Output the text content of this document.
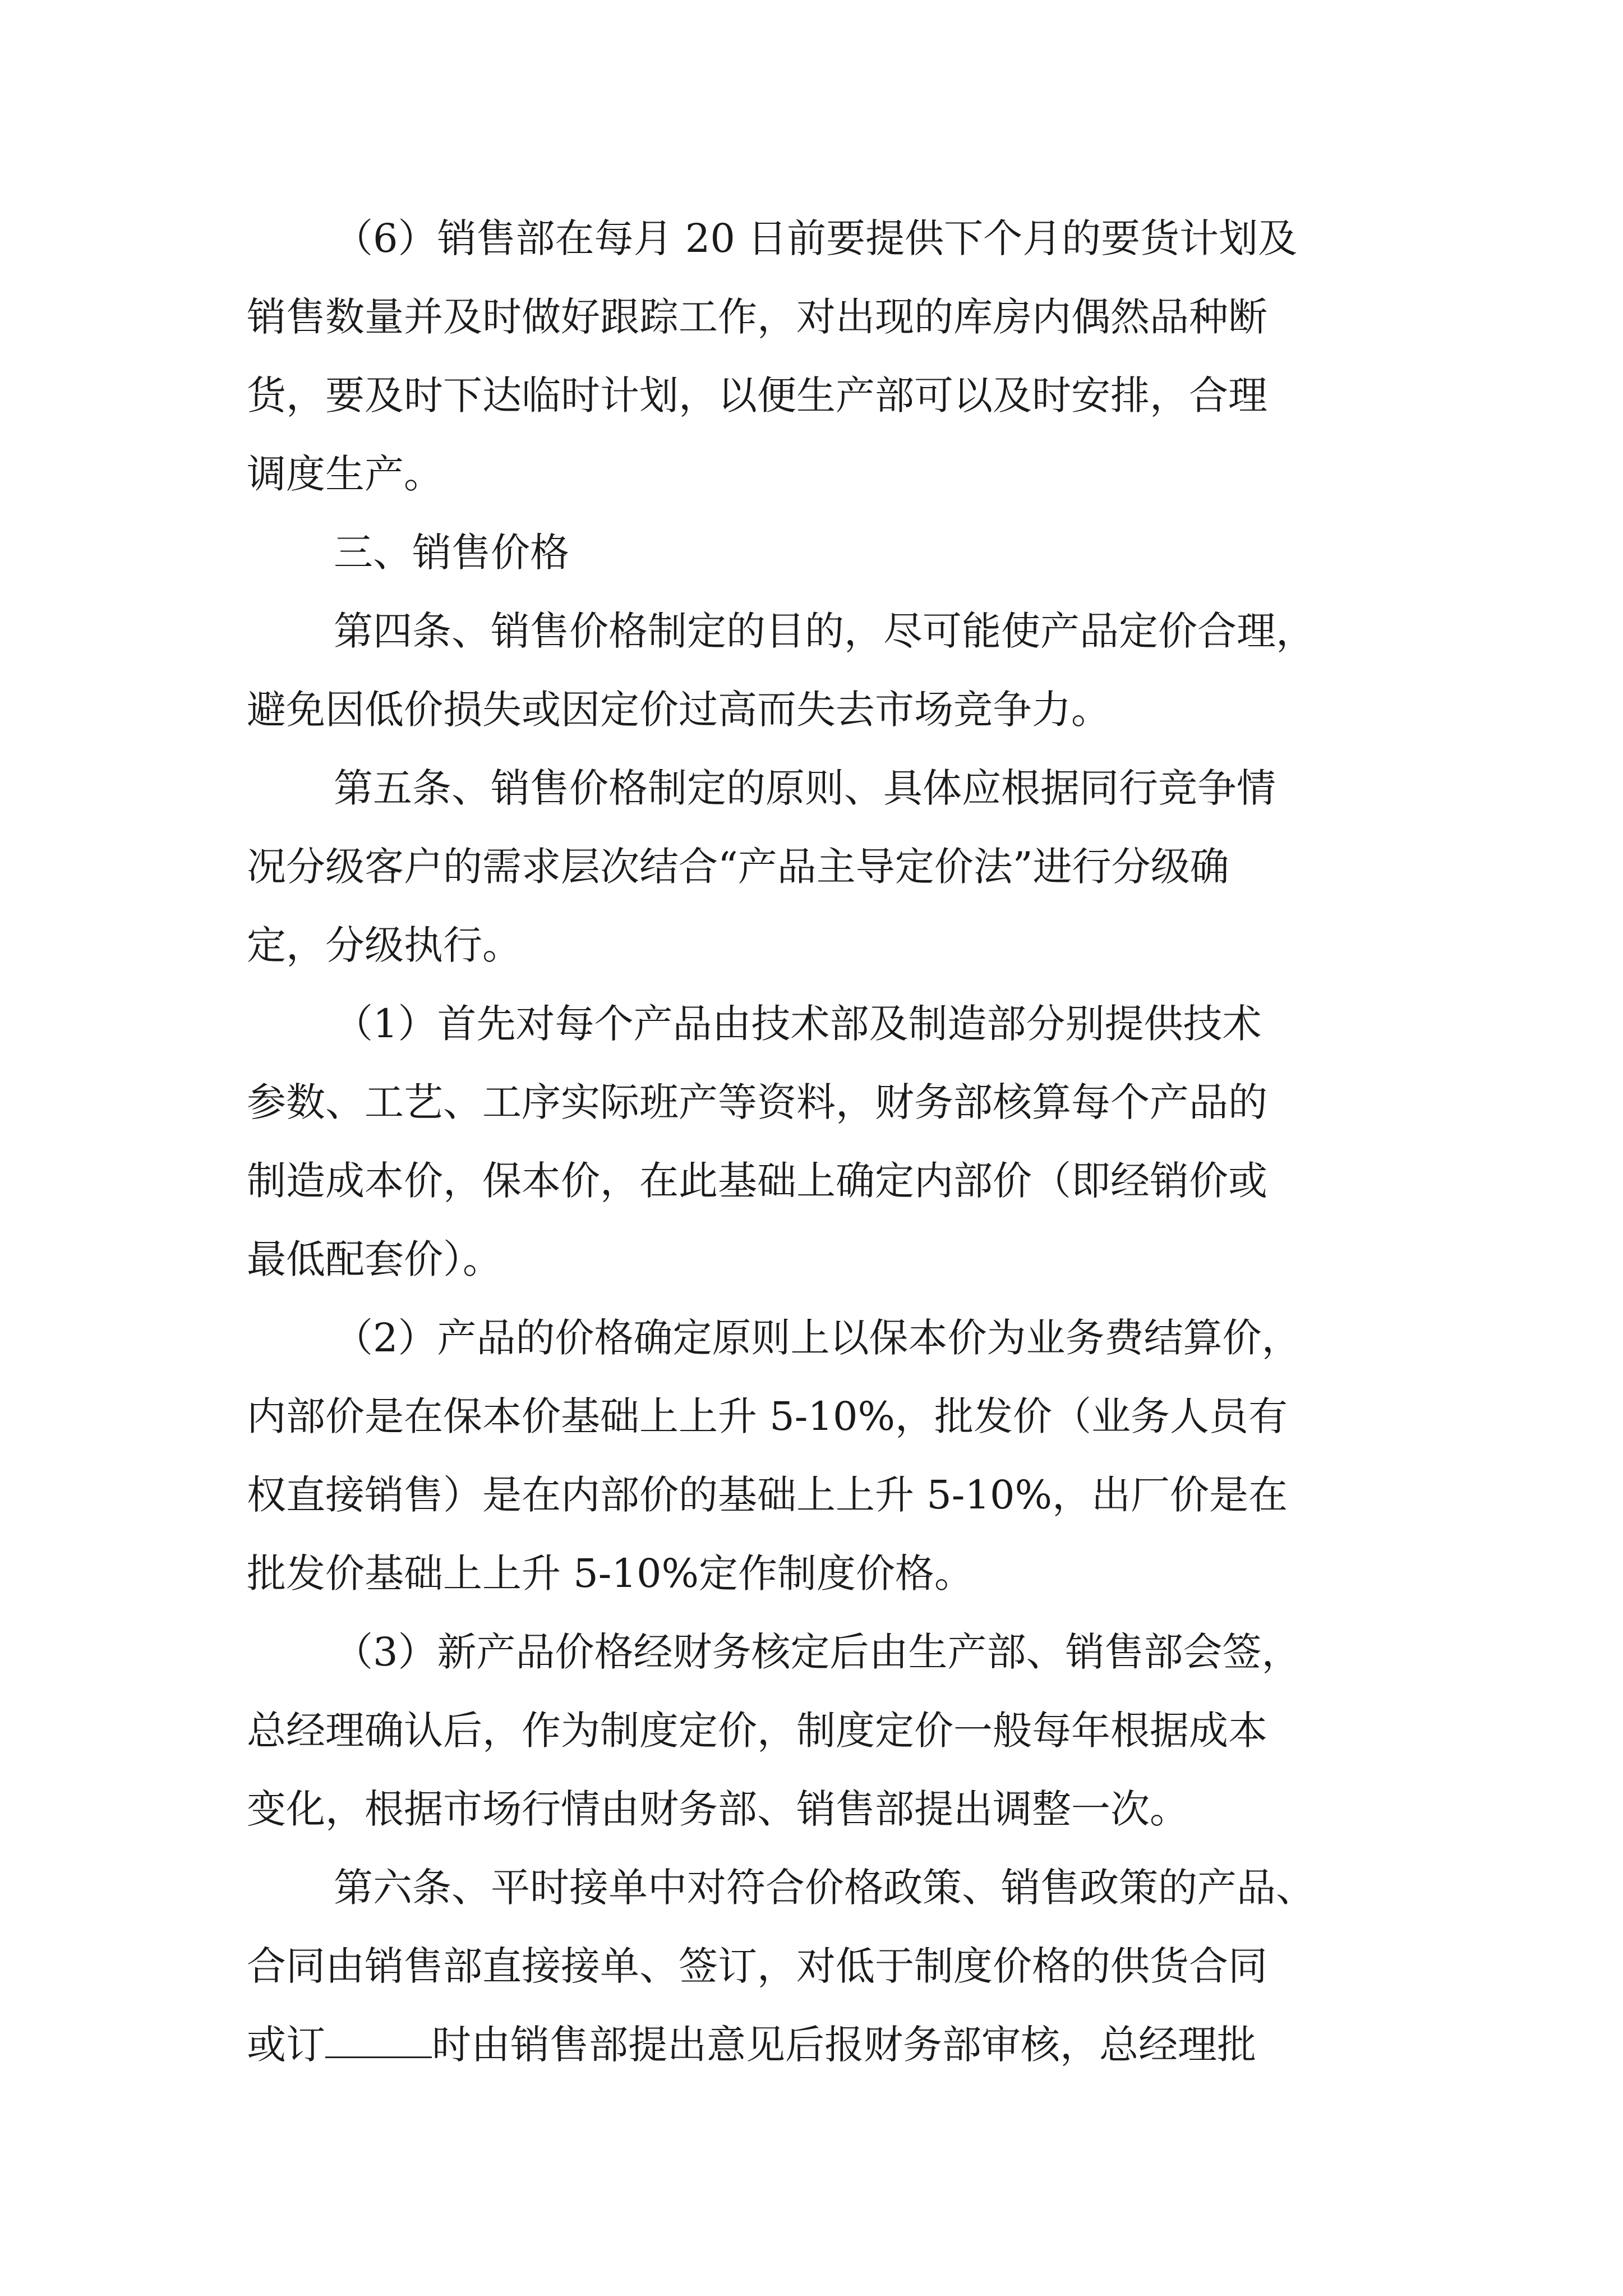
（6）销售部在每月 20 日前要提供下个月的要货计划及
销售数量并及时做好跟踪工作，对出现的库房内偶然品种断
货，要及时下达临时计划，以便生产部可以及时安排，合理
调度生产。
三、销售价格
第四条、销售价格制定的目的，尽可能使产品定价合理，
避免因低价损失或因定价过高而失去市场竞争力。
第五条、销售价格制定的原则、具体应根据同行竞争情
况分级客户的需求层次结合“产品主导定价法”进行分级确
定，分级执行。
（1）首先对每个产品由技术部及制造部分别提供技术
参数、工艺、工序实际班产等资料，财务部核算每个产品的
制造成本价，保本价，在此基础上确定内部价（即经销价或
最低配套价）。
（2）产品的价格确定原则上以保本价为业务费结算价，
内部价是在保本价基础上上升 5-10%，批发价（业务人员有
权直接销售）是在内部价的基础上上升 5-10%，出厂价是在
批发价基础上上升 5-10%定作制度价格。
（3）新产品价格经财务核定后由生产部、销售部会签，
总经理确认后，作为制度定价，制度定价一般每年根据成本
变化，根据市场行情由财务部、销售部提出调整一次。
第六条、平时接单中对符合价格政策、销售政策的产品、
合同由销售部直接接单、签订，对低于制度价格的供货合同
或订	时由销售部提出意见后报财务部审核，总经理批
